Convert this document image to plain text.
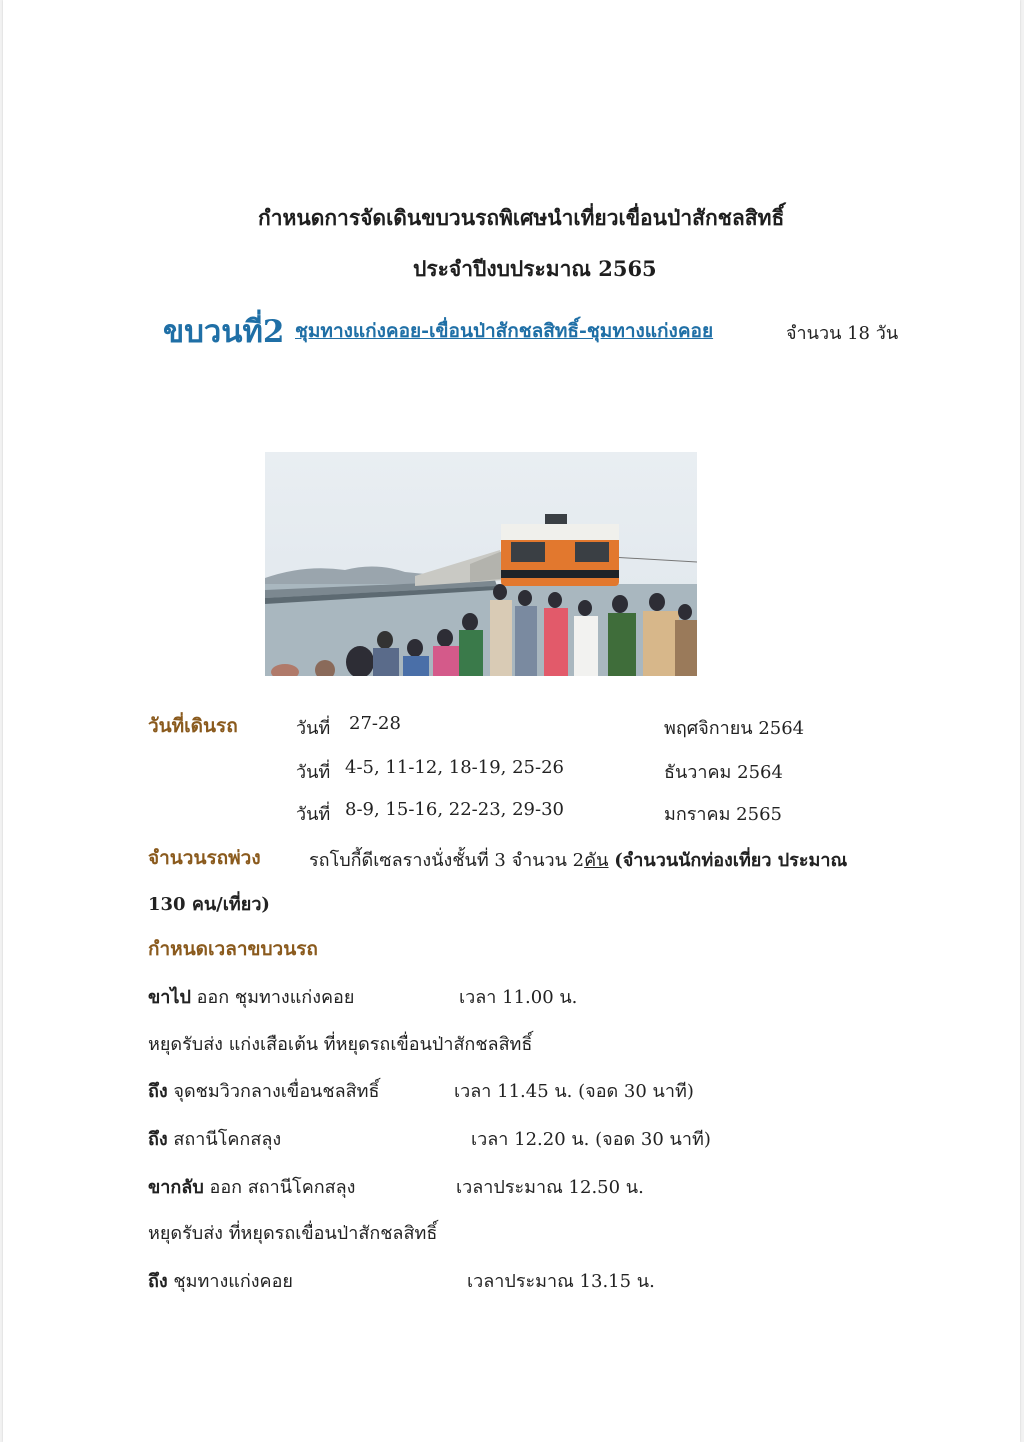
กำหนดการจัดเดินขบวนรถพิเศษนำเที่ยวเขื่อนป่าสักชลสิทธิ์
ประจำปีงบประมาณ 2565
ขบวนที่2 ชุมทางแก่งคอย-เขื่อนป่าสักชลสิทธิ์-ชุมทางแก่งคอย	จำนวน 18 วัน
วันที่เดินรถ	วันที่ 27-28	พฤศจิกายน 2564
วันที่ 4-5, 11-12, 18-19, 25-26	ธันวาคม 2564
วันที่ 8-9, 15-16, 22-23, 29-30	มกราคม 2565
จำนวนรถพ่วง	รถโบกี้ดีเซลรางนั่งชั้นที่ 3 จำนวน 2คัน (จำนวนนักท่องเที่ยว ประมาณ
130 คน/เที่ยว)
กำหนดเวลาขบวนรถ
ขาไป ออก ชุมทางแก่งคอย	เวลา 11.00 น.
หยุดรับส่ง แก่งเสือเต้น ที่หยุดรถเขื่อนป่าสักชลสิทธิ์
ถึง จุดชมวิวกลางเขื่อนชลสิทธิ์	เวลา 11.45 น. (จอด 30 นาที)
ถึง สถานีโคกสลุง	เวลา 12.20 น. (จอด 30 นาที)
ขากลับ ออก สถานีโคกสลุง	เวลาประมาณ 12.50 น.
หยุดรับส่ง ที่หยุดรถเขื่อนป่าสักชลสิทธิ์
ถึง ชุมทางแก่งคอย	เวลาประมาณ 13.15 น.
